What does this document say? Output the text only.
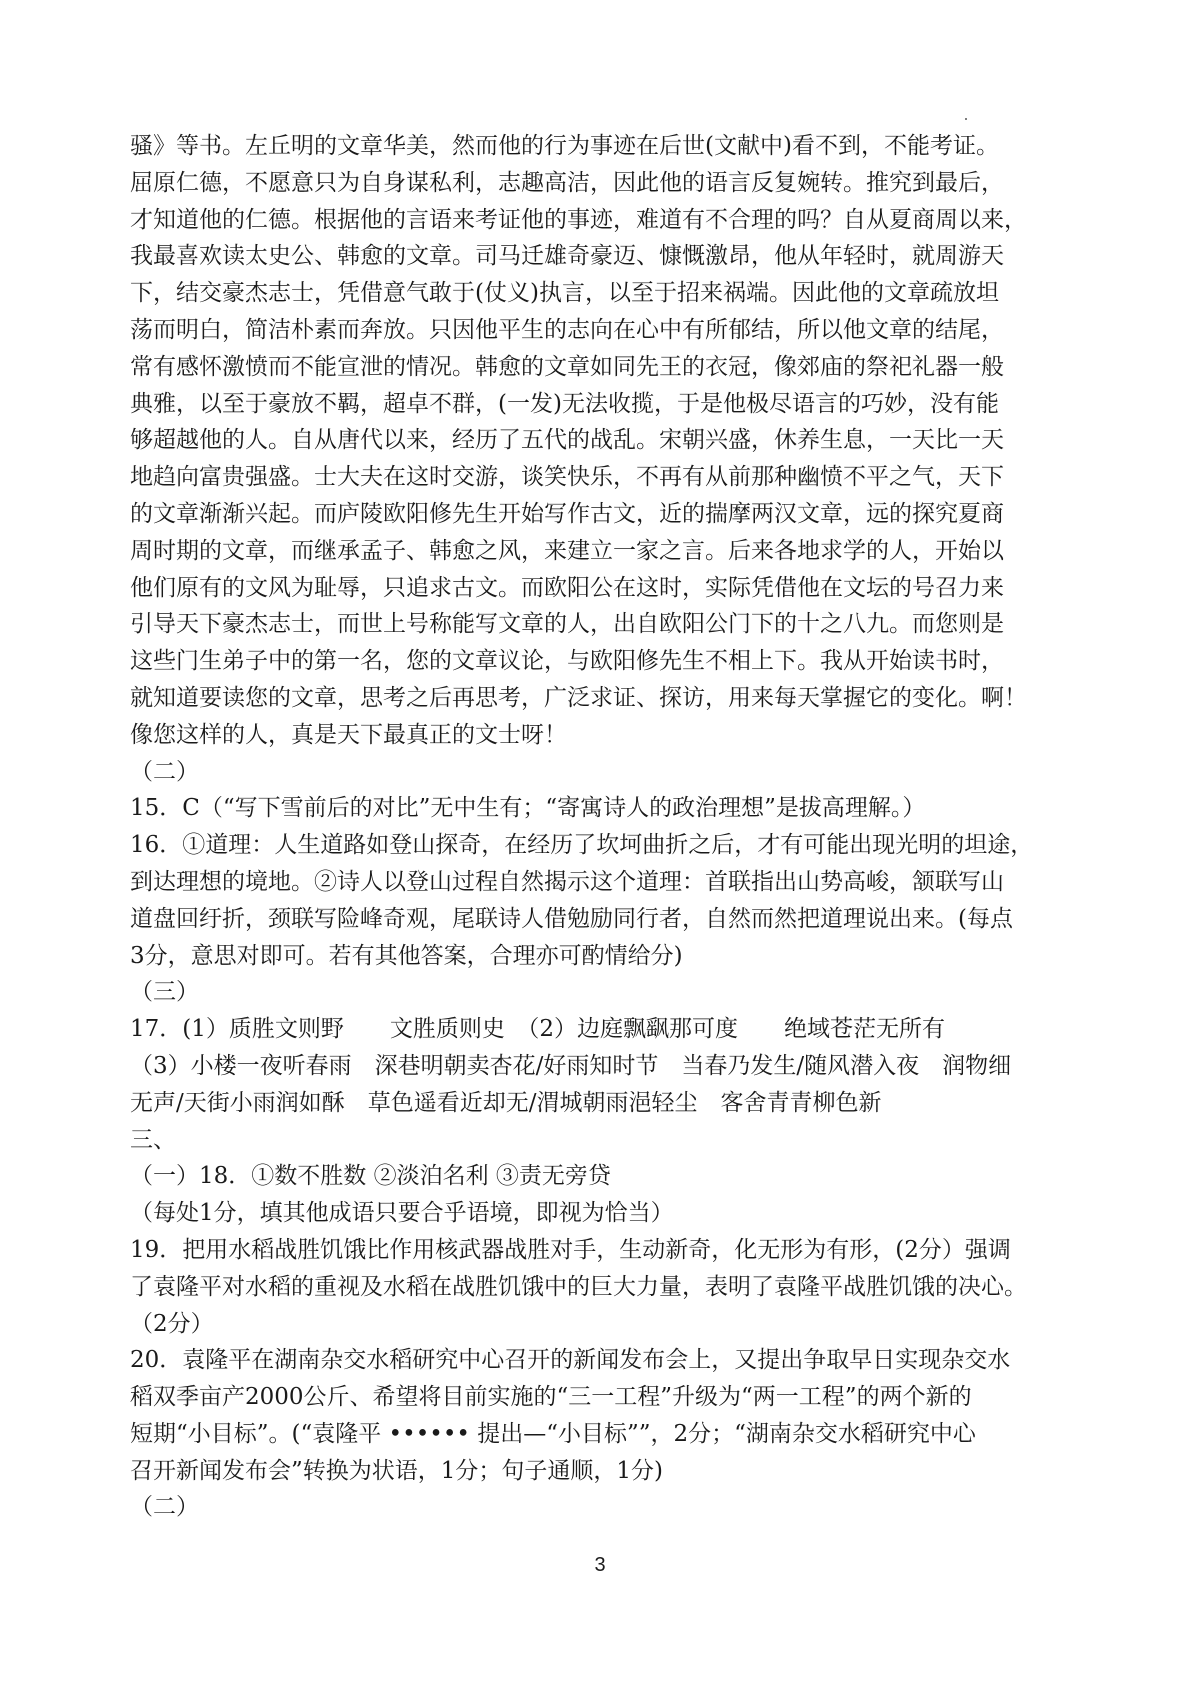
骚》等书。左丘明的文章华美，然而他的行为事迹在后世(文献中)看不到，不能考证。

屈原仁德，不愿意只为自身谋私利，志趣高洁，因此他的语言反复婉转。推究到最后，

才知道他的仁德。根据他的言语来考证他的事迹，难道有不合理的吗？自从夏商周以来，

我最喜欢读太史公、韩愈的文章。司马迁雄奇豪迈、慷慨激昂，他从年轻时，就周游天

下，结交豪杰志士，凭借意气敢于(仗义)执言，以至于招来祸端。因此他的文章疏放坦

荡而明白，简洁朴素而奔放。只因他平生的志向在心中有所郁结，所以他文章的结尾，

常有感怀激愤而不能宣泄的情况。韩愈的文章如同先王的衣冠，像郊庙的祭祀礼器一般

典雅，以至于豪放不羁，超卓不群，(一发)无法收揽，于是他极尽语言的巧妙，没有能

够超越他的人。自从唐代以来，经历了五代的战乱。宋朝兴盛，休养生息，一天比一天

地趋向富贵强盛。士大夫在这时交游，谈笑快乐，不再有从前那种幽愤不平之气，天下

的文章渐渐兴起。而庐陵欧阳修先生开始写作古文，近的揣摩两汉文章，远的探究夏商

周时期的文章，而继承孟子、韩愈之风，来建立一家之言。后来各地求学的人，开始以

他们原有的文风为耻辱，只追求古文。而欧阳公在这时，实际凭借他在文坛的号召力来

引导天下豪杰志士，而世上号称能写文章的人，出自欧阳公门下的十之八九。而您则是

这些门生弟子中的第一名，您的文章议论，与欧阳修先生不相上下。我从开始读书时，

就知道要读您的文章，思考之后再思考，广泛求证、探访，用来每天掌握它的变化。啊！

像您这样的人，真是天下最真正的文士呀！

（二）

15．C（“写下雪前后的对比”无中生有；“寄寓诗人的政治理想”是拔高理解。）

16．①道理：人生道路如登山探奇，在经历了坎坷曲折之后，才有可能出现光明的坦途，

到达理想的境地。②诗人以登山过程自然揭示这个道理：首联指出山势高峻，颔联写山

道盘回纡折，颈联写险峰奇观，尾联诗人借勉励同行者，自然而然把道理说出来。(每点

3分，意思对即可。若有其他答案，合理亦可酌情给分)

（三）

17．(1）质胜文则野　　文胜质则史　（2）边庭飘飖那可度　　绝域苍茫无所有

（3）小楼一夜听春雨　深巷明朝卖杏花/好雨知时节　当春乃发生/随风潜入夜　润物细

无声/天街小雨润如酥　草色遥看近却无/渭城朝雨浥轻尘　客舍青青柳色新

三、

（一）18．①数不胜数 ②淡泊名利 ③责无旁贷

（每处1分，填其他成语只要合乎语境，即视为恰当）

19．把用水稻战胜饥饿比作用核武器战胜对手，生动新奇，化无形为有形，(2分）强调

了袁隆平对水稻的重视及水稻在战胜饥饿中的巨大力量，表明了袁隆平战胜饥饿的决心。

（2分）

20．袁隆平在湖南杂交水稻研究中心召开的新闻发布会上，又提出争取早日实现杂交水

稻双季亩产2000公斤、希望将目前实施的“三一工程”升级为“两一工程”的两个新的

短期“小目标”。(“袁隆平 •••••• 提出—“小目标””，2分；“湖南杂交水稻研究中心

召开新闻发布会”转换为状语，1分；句子通顺，1分)

（二）

3
